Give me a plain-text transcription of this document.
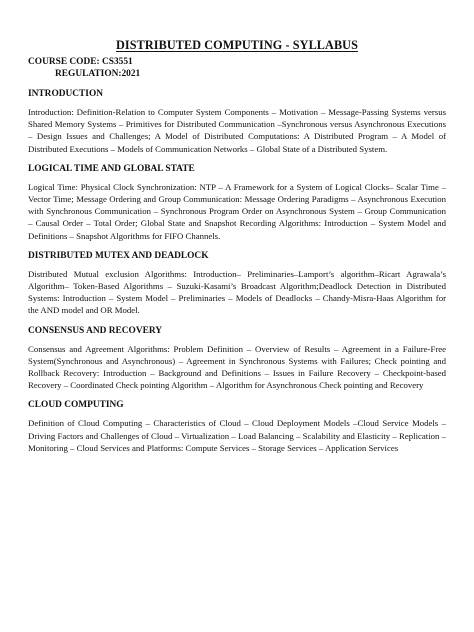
DISTRIBUTED COMPUTING - SYLLABUS
COURSE CODE: CS3551
REGULATION:2021
INTRODUCTION

Introduction: Definition-Relation to Computer System Components – Motivation – Message-Passing Systems versus Shared Memory Systems – Primitives for Distributed Communication –Synchronous versus Asynchronous Executions – Design Issues and Challenges; A Model of Distributed Computations: A Distributed Program – A Model of Distributed Executions – Models of Communication Networks – Global State of a Distributed System.

LOGICAL TIME AND GLOBAL STATE

Logical Time: Physical Clock Synchronization: NTP – A Framework for a System of Logical Clocks– Scalar Time – Vector Time; Message Ordering and Group Communication: Message Ordering Paradigms – Asynchronous Execution with Synchronous Communication – Synchronous Program Order on Asynchronous System – Group Communication – Causal Order – Total Order; Global State and Snapshot Recording Algorithms: Introduction – System Model and Definitions – Snapshot Algorithms for FIFO Channels.

DISTRIBUTED MUTEX AND DEADLOCK

Distributed Mutual exclusion Algorithms: Introduction– Preliminaries–Lamport’s algorithm–Ricart Agrawala’s Algorithm– Token-Based Algorithms – Suzuki-Kasami’s Broadcast Algorithm;Deadlock Detection in Distributed Systems: Introduction – System Model – Preliminaries – Models of Deadlocks – Chandy-Misra-Haas Algorithm for the AND model and OR Model.

CONSENSUS AND RECOVERY

Consensus and Agreement Algorithms: Problem Definition – Overview of Results – Agreement in a Failure-Free System(Synchronous and Asynchronous) – Agreement in Synchronous Systems with Failures; Check pointing and Rollback Recovery: Introduction – Background and Definitions – Issues in Failure Recovery – Checkpoint-based Recovery – Coordinated Check pointing Algorithm – Algorithm for Asynchronous Check pointing and Recovery

CLOUD COMPUTING

Definition of Cloud Computing – Characteristics of Cloud – Cloud Deployment Models –Cloud Service Models – Driving Factors and Challenges of Cloud – Virtualization – Load Balancing – Scalability and Elasticity – Replication – Monitoring – Cloud Services and Platforms: Compute Services – Storage Services – Application Services
